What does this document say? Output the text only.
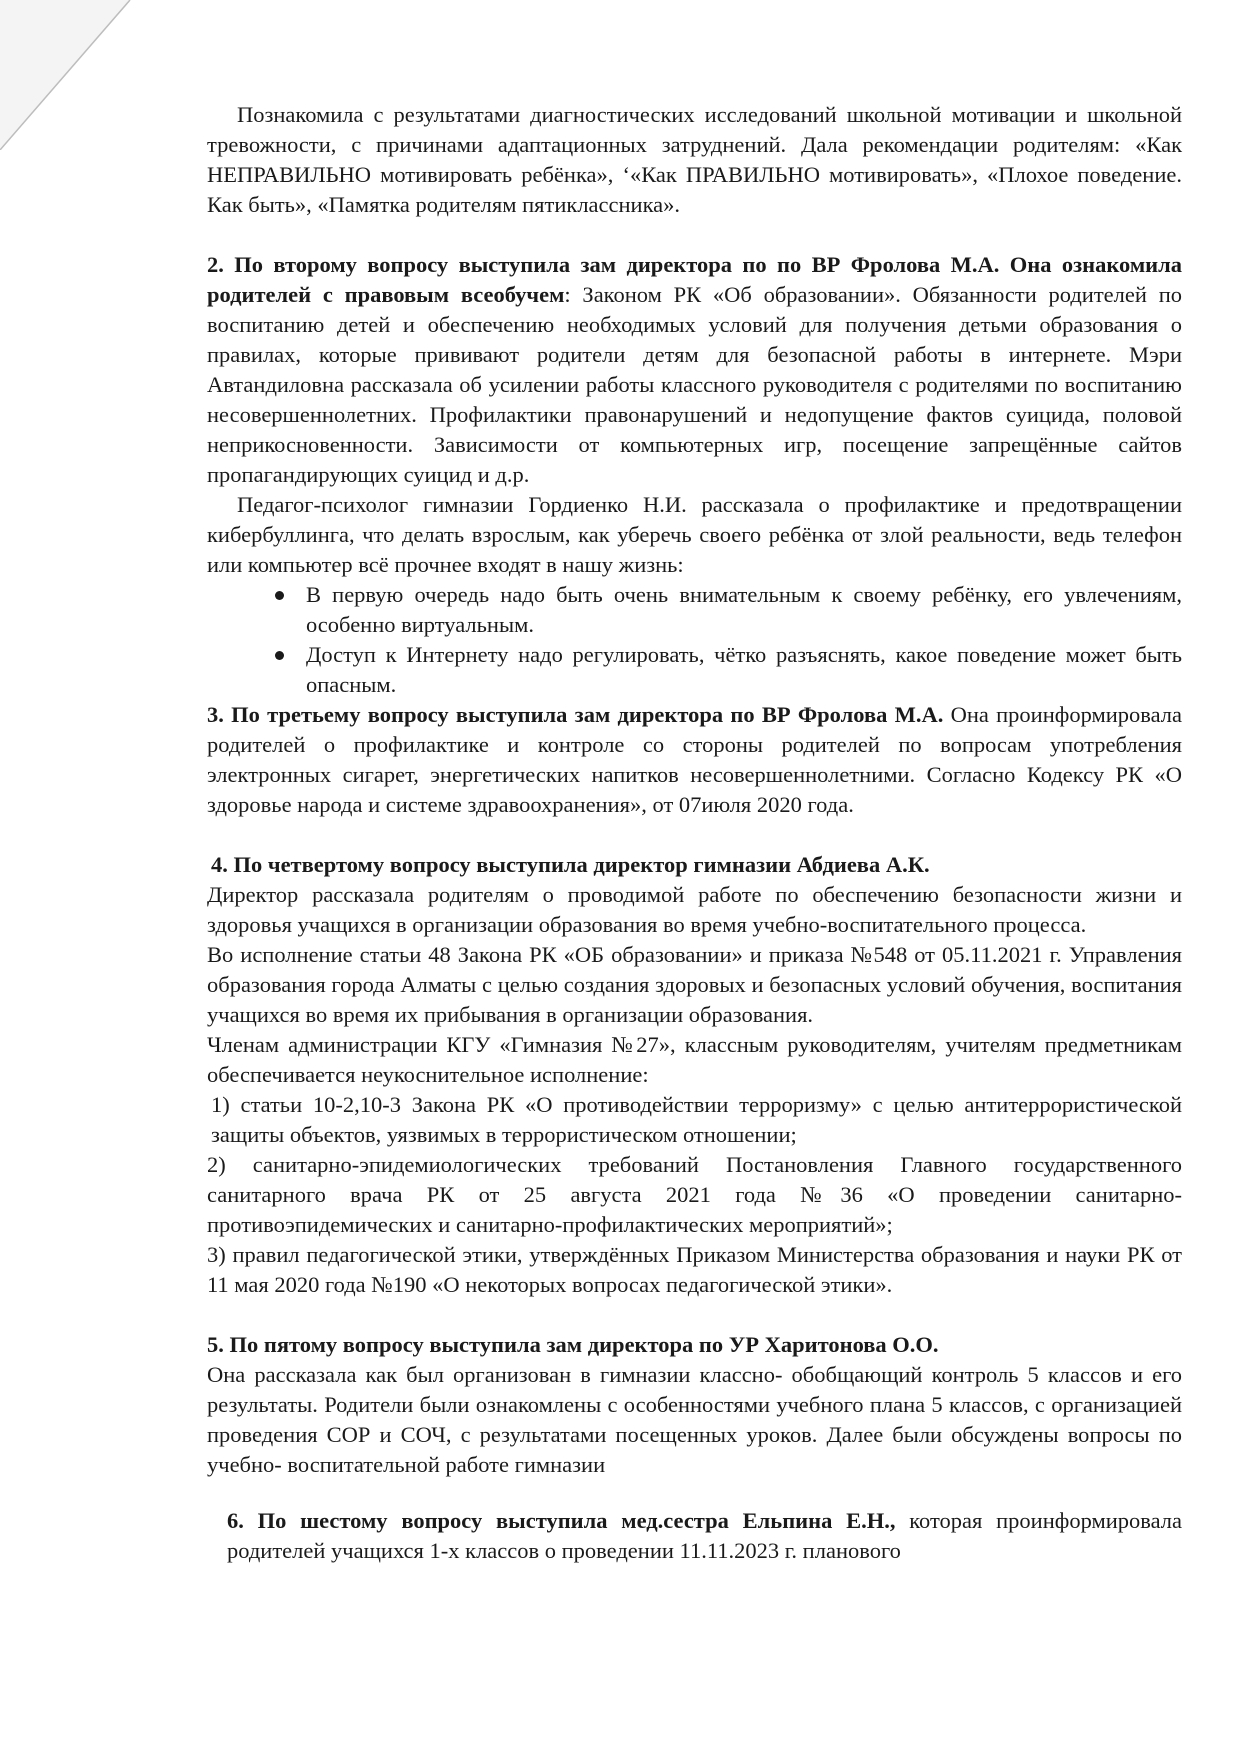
Познакомила с результатами диагностических исследований школьной мотивации и школьной тревожности, с причинами адаптационных затруднений. Дала рекомендации родителям: «Как НЕПРАВИЛЬНО мотивировать ребёнка», ‘«Как ПРАВИЛЬНО мотивировать», «Плохое поведение. Как быть», «Памятка родителям пятиклассника».

2. По второму вопросу выступила зам директора по по ВР Фролова М.А. Она ознакомила родителей с правовым всеобучем: Законом РК «Об образовании». Обязанности родителей по воспитанию детей и обеспечению необходимых условий для получения детьми образования о правилах, которые прививают родители детям для безопасной работы в интернете. Мэри Автандиловна рассказала об усилении работы классного руководителя с родителями по воспитанию несовершеннолетних. Профилактики правонарушений и недопущение фактов суицида, половой неприкосновенности. Зависимости от компьютерных игр, посещение запрещённые сайтов пропагандирующих суицид и д.р.

Педагог-психолог гимназии Гордиенко Н.И. рассказала о профилактике и предотвращении кибербуллинга, что делать взрослым, как уберечь своего ребёнка от злой реальности, ведь телефон или компьютер всё прочнее входят в нашу жизнь:

В первую очередь надо быть очень внимательным к своему ребёнку, его увлечениям, особенно виртуальным.
Доступ к Интернету надо регулировать, чётко разъяснять, какое поведение может быть опасным.

3. По третьему вопросу выступила зам директора по ВР Фролова М.А. Она проинформировала родителей о профилактике и контроле со стороны родителей по вопросам употребления электронных сигарет, энергетических напитков несовершеннолетними. Согласно Кодексу РК «О здоровье народа и системе здравоохранения», от 07июля 2020 года.

4. По четвертому вопросу выступила директор гимназии Абдиева А.К.

Директор рассказала родителям о проводимой работе по обеспечению безопасности жизни и здоровья учащихся в организации образования во время учебно-воспитательного процесса.

Во исполнение статьи 48 Закона РК «ОБ образовании» и приказа №548 от 05.11.2021 г. Управления образования города Алматы с целью создания здоровых и безопасных условий обучения, воспитания учащихся во время их прибывания в организации образования.

Членам администрации КГУ «Гимназия №27», классным руководителям, учителям предметникам обеспечивается неукоснительное исполнение:

1) статьи 10-2,10-3 Закона РК «О противодействии терроризму» с целью антитеррористической защиты объектов, уязвимых в террористическом отношении;

2) санитарно-эпидемиологических требований Постановления Главного государственного санитарного врача РК от 25 августа 2021 года №36 «О проведении санитарно-противоэпидемических и санитарно-профилактических мероприятий»;

3) правил педагогической этики, утверждённых Приказом Министерства образования и науки РК от 11 мая 2020 года №190 «О некоторых вопросах педагогической этики».

5. По пятому вопросу выступила зам директора по УР Харитонова О.О.

Она рассказала как был организован в гимназии классно- обобщающий контроль 5 классов и его результаты. Родители были ознакомлены с особенностями учебного плана 5 классов, с организацией проведения СОР и СОЧ, с результатами посещенных уроков. Далее были обсуждены вопросы по учебно- воспитательной работе гимназии

6. По шестому вопросу выступила мед.сестра Ельпина Е.Н., которая проинформировала родителей учащихся 1-х классов о проведении 11.11.2023 г. планового
